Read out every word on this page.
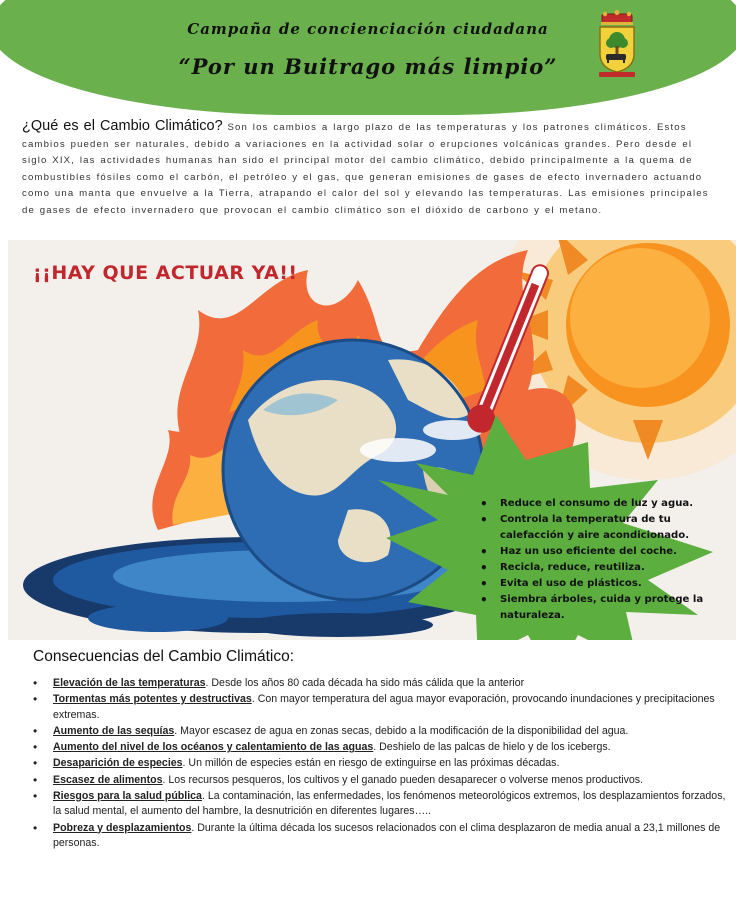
Campaña de concienciación ciudadana
“Por un Buitrago más limpio”
¿Qué es el Cambio Climático? Son los cambios a largo plazo de las temperaturas y los patrones climáticos. Estos cambios pueden ser naturales, debido a variaciones en la actividad solar o erupciones volcánicas grandes. Pero desde el siglo XIX, las actividades humanas han sido el principal motor del cambio climático, debido principalmente a la quema de combustibles fósiles como el carbón, el petróleo y el gas, que generan emisiones de gases de efecto invernadero actuando como una manta que envuelve a la Tierra, atrapando el calor del sol y elevando las temperaturas. Las emisiones principales de gases de efecto invernadero que provocan el cambio climático son el dióxido de carbono y el metano.
¡¡HAY QUE ACTUAR YA!!
• Reduce el consumo de luz y agua.
• Controla la temperatura de tu calefacción y aire acondicionado.
• Haz un uso eficiente del coche.
• Recicla, reduce, reutiliza.
• Evita el uso de plásticos.
• Siembra árboles, cuida y protege la naturaleza.
Consecuencias del Cambio Climático:
• Elevación de las temperaturas. Desde los años 80 cada década ha sido más cálida que la anterior
• Tormentas más potentes y destructivas. Con mayor temperatura del agua mayor evaporación, provocando inundaciones y precipitaciones extremas.
• Aumento de las sequías. Mayor escasez de agua en zonas secas, debido a la modificación de la disponibilidad del agua.
• Aumento del nivel de los océanos y calentamiento de las aguas. Deshielo de las palcas de hielo y de los icebergs.
• Desaparición de especies. Un millón de especies están en riesgo de extinguirse en las próximas décadas.
• Escasez de alimentos. Los recursos pesqueros, los cultivos y el ganado pueden desaparecer o volverse menos productivos.
• Riesgos para la salud pública. La contaminación, las enfermedades, los fenómenos meteorológicos extremos, los desplazamientos forzados, la salud mental, el aumento del hambre, la desnutrición en diferentes lugares…..
• Pobreza y desplazamientos. Durante la última década los sucesos relacionados con el clima desplazaron de media anual a 23,1 millones de personas.
